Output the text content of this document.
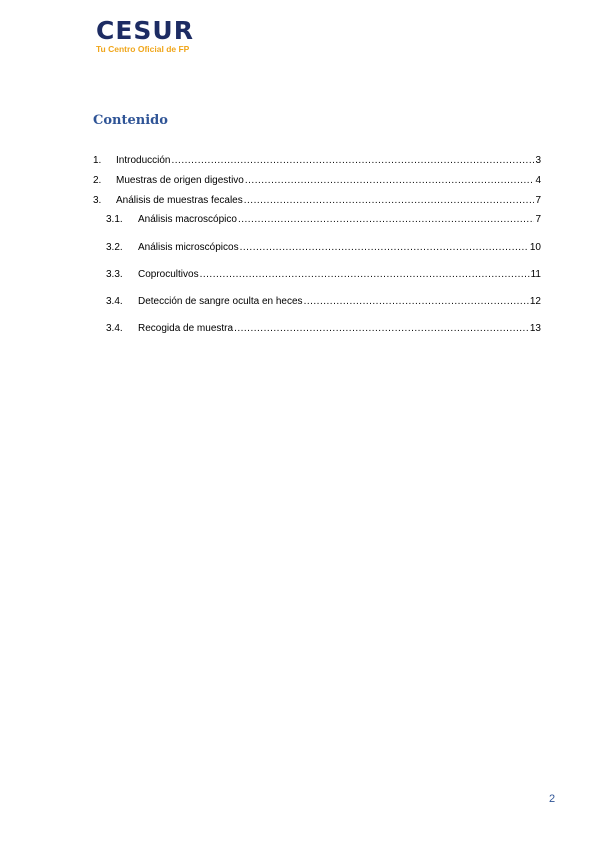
CESUR
Tu Centro Oficial de FP
Contenido
1.	Introducción .....	3
2.	Muestras de origen digestivo .....	4
3.	Análisis de muestras fecales .....	7
3.1.	Análisis macroscópico .....	7
3.2.	Análisis microscópicos .....	10
3.3.	Coprocultivos .....	11
3.4.	Detección de sangre oculta en heces .....	12
3.4.	Recogida de muestra .....	13
2
